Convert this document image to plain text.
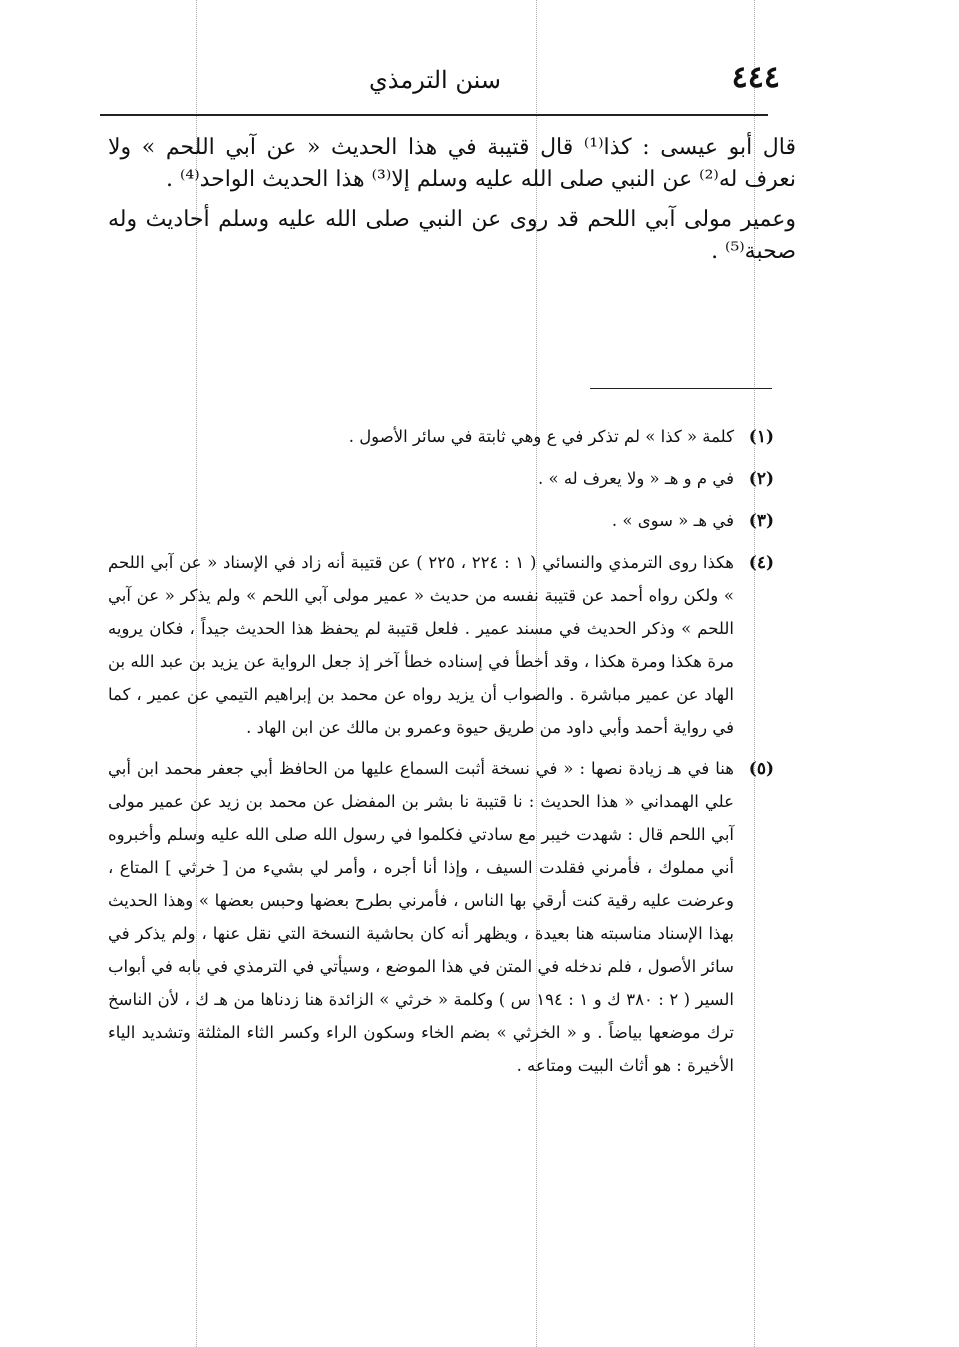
٤٤٤
سنن الترمذي

قال أبو عيسى : كذا⁽¹⁾ قال قتيبة في هذا الحديث « عن آبي اللحم » ولا نعرف له⁽²⁾ عن النبي صلى الله عليه وسلم إلا⁽³⁾ هذا الحديث الواحد⁽⁴⁾ .

وعمير مولى آبي اللحم قد روى عن النبي صلى الله عليه وسلم أحاديث وله صحبة⁽⁵⁾ .

(١)
كلمة « كذا » لم تذكر في ع وهي ثابتة في سائر الأصول .
(٢)
في م و هـ « ولا يعرف له » .
(٣)
في هـ « سوى » .
(٤)
هكذا روى الترمذي والنسائي ( ١ : ٢٢٤ ، ٢٢٥ ) عن قتيبة أنه زاد في الإسناد « عن آبي اللحم » ولكن رواه أحمد عن قتيبة نفسه من حديث « عمير مولى آبي اللحم » ولم يذكر « عن آبي اللحم » وذكر الحديث في مسند عمير . فلعل قتيبة لم يحفظ هذا الحديث جيداً ، فكان يرويه مرة هكذا ومرة هكذا ، وقد أخطأ في إسناده خطأ آخر إذ جعل الرواية عن يزيد بن عبد الله بن الهاد عن عمير مباشرة . والصواب أن يزيد رواه عن محمد بن إبراهيم التيمي عن عمير ، كما في رواية أحمد وأبي داود من طريق حيوة وعمرو بن مالك عن ابن الهاد .
(٥)
هنا في هـ زيادة نصها : « في نسخة أثبت السماع عليها من الحافظ أبي جعفر محمد ابن أبي علي الهمداني « هذا الحديث : نا قتيبة نا بشر بن المفضل عن محمد بن زيد عن عمير مولى آبي اللحم قال : شهدت خيبر مع سادتي فكلموا في رسول الله صلى الله عليه وسلم وأخبروه أني مملوك ، فأمرني فقلدت السيف ، وإذا أنا أجره ، وأمر لي بشيء من [ خرثي ] المتاع ، وعرضت عليه رقية كنت أرقي بها الناس ، فأمرني بطرح بعضها وحبس بعضها » وهذا الحديث بهذا الإسناد مناسبته هنا بعيدة ، ويظهر أنه كان بحاشية النسخة التي نقل عنها ، ولم يذكر في سائر الأصول ، فلم ندخله في المتن في هذا الموضع ، وسيأتي في الترمذي في بابه في أبواب السير ( ٢ : ٣٨٠ ك و ١ : ١٩٤ س ) وكلمة « خرثي » الزائدة هنا زدناها من هـ ك ، لأن الناسخ ترك موضعها بياضاً . و « الخرثي » بضم الخاء وسكون الراء وكسر الثاء المثلثة وتشديد الياء الأخيرة : هو أثاث البيت ومتاعه .
